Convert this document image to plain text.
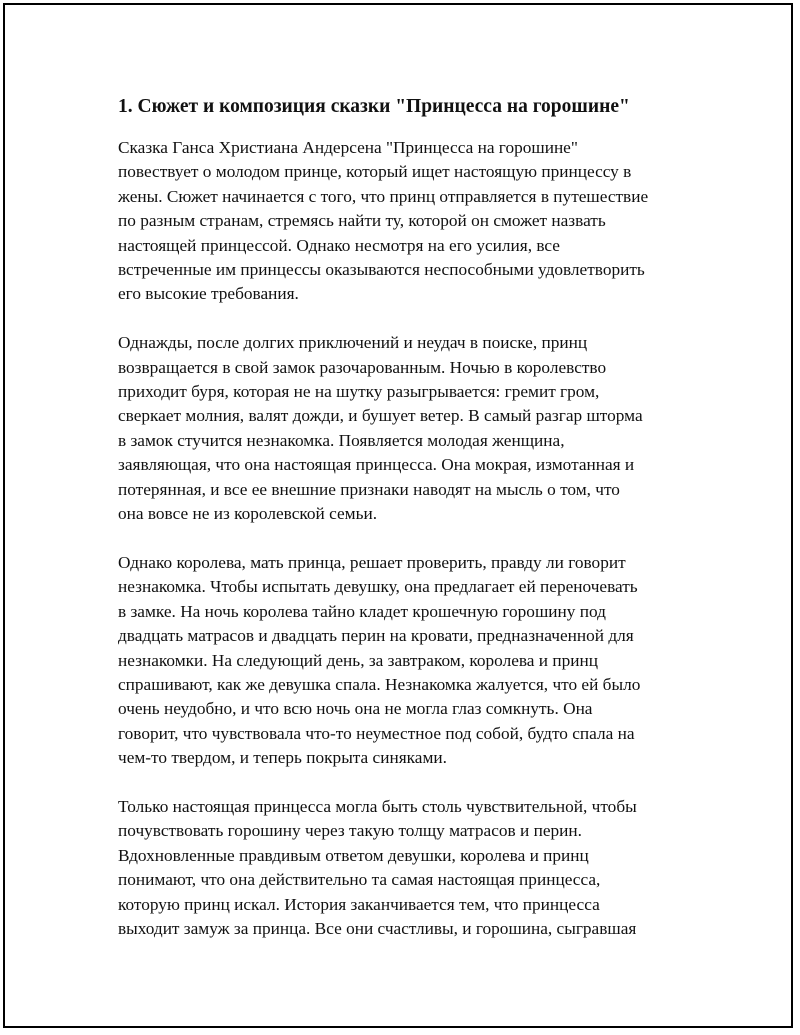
1. Сюжет и композиция сказки "Принцесса на горошине"

Сказка Ганса Христиана Андерсена "Принцесса на горошине"
повествует о молодом принце, который ищет настоящую принцессу в
жены. Сюжет начинается с того, что принц отправляется в путешествие
по разным странам, стремясь найти ту, которой он сможет назвать
настоящей принцессой. Однако несмотря на его усилия, все
встреченные им принцессы оказываются неспособными удовлетворить
его высокие требования.

Однажды, после долгих приключений и неудач в поиске, принц
возвращается в свой замок разочарованным. Ночью в королевство
приходит буря, которая не на шутку разыгрывается: гремит гром,
сверкает молния, валят дожди, и бушует ветер. В самый разгар шторма
в замок стучится незнакомка. Появляется молодая женщина,
заявляющая, что она настоящая принцесса. Она мокрая, измотанная и
потерянная, и все ее внешние признаки наводят на мысль о том, что
она вовсе не из королевской семьи.

Однако королева, мать принца, решает проверить, правду ли говорит
незнакомка. Чтобы испытать девушку, она предлагает ей переночевать
в замке. На ночь королева тайно кладет крошечную горошину под
двадцать матрасов и двадцать перин на кровати, предназначенной для
незнакомки. На следующий день, за завтраком, королева и принц
спрашивают, как же девушка спала. Незнакомка жалуется, что ей было
очень неудобно, и что всю ночь она не могла глаз сомкнуть. Она
говорит, что чувствовала что-то неуместное под собой, будто спала на
чем-то твердом, и теперь покрыта синяками.

Только настоящая принцесса могла быть столь чувствительной, чтобы
почувствовать горошину через такую толщу матрасов и перин.
Вдохновленные правдивым ответом девушки, королева и принц
понимают, что она действительно та самая настоящая принцесса,
которую принц искал. История заканчивается тем, что принцесса
выходит замуж за принца. Все они счастливы, и горошина, сыгравшая
